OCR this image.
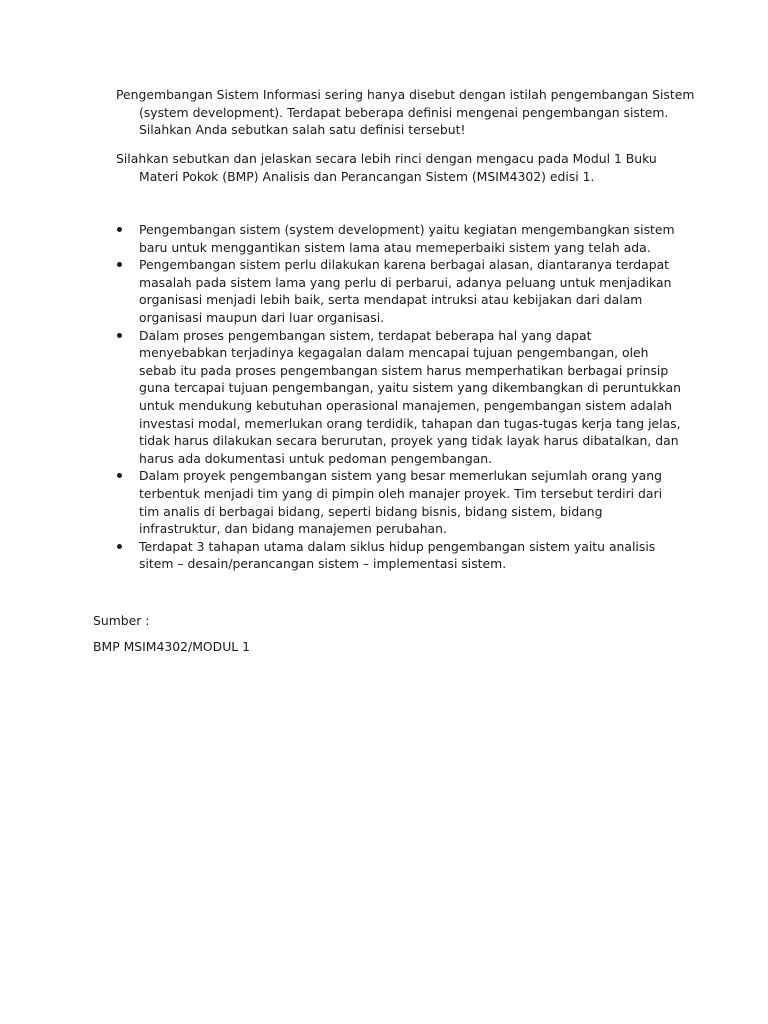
Pengembangan Sistem Informasi sering hanya disebut dengan istilah pengembangan Sistem (system development). Terdapat beberapa definisi mengenai pengembangan sistem. Silahkan Anda sebutkan salah satu definisi tersebut!

Silahkan sebutkan dan jelaskan secara lebih rinci dengan mengacu pada Modul 1 Buku Materi Pokok (BMP) Analisis dan Perancangan Sistem (MSIM4302) edisi 1.

Pengembangan sistem (system development) yaitu kegiatan mengembangkan sistem baru untuk menggantikan sistem lama atau memeperbaiki sistem yang telah ada.
Pengembangan sistem perlu dilakukan karena berbagai alasan, diantaranya terdapat masalah pada sistem lama yang perlu di perbarui, adanya peluang untuk menjadikan organisasi menjadi lebih baik, serta mendapat intruksi atau kebijakan dari dalam organisasi maupun dari luar organisasi.
Dalam proses pengembangan sistem, terdapat beberapa hal yang dapat menyebabkan terjadinya kegagalan dalam mencapai tujuan pengembangan, oleh sebab itu pada proses pengembangan sistem harus memperhatikan berbagai prinsip guna tercapai tujuan pengembangan, yaitu sistem yang dikembangkan di peruntukkan untuk mendukung kebutuhan operasional manajemen, pengembangan sistem adalah investasi modal, memerlukan orang terdidik, tahapan dan tugas-tugas kerja tang jelas, tidak harus dilakukan secara berurutan, proyek yang tidak layak harus dibatalkan, dan harus ada dokumentasi untuk pedoman pengembangan.
Dalam proyek pengembangan sistem yang besar memerlukan sejumlah orang yang terbentuk menjadi tim yang di pimpin oleh manajer proyek. Tim tersebut terdiri dari tim analis di berbagai bidang, seperti bidang bisnis, bidang sistem, bidang infrastruktur, dan bidang manajemen perubahan.
Terdapat 3 tahapan utama dalam siklus hidup pengembangan sistem yaitu analisis sitem – desain/perancangan sistem – implementasi sistem.

Sumber :

BMP MSIM4302/MODUL 1
